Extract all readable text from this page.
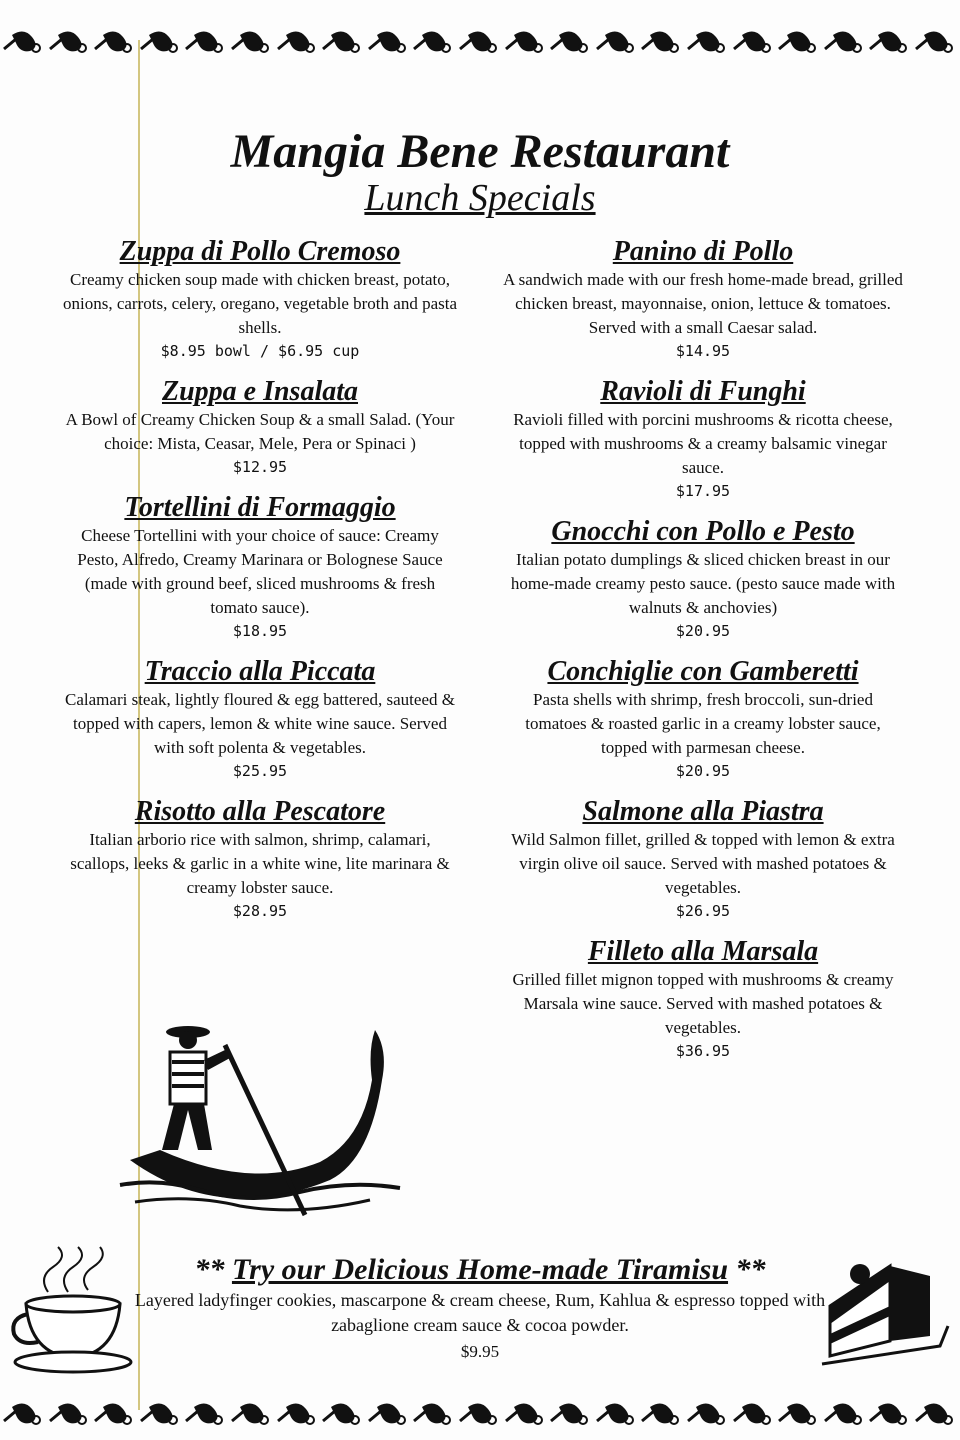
Mangia Bene Restaurant
Lunch Specials
Zuppa di Pollo Cremoso
Creamy chicken soup made with chicken breast, potato, onions, carrots, celery, oregano, vegetable broth and pasta shells.
$8.95 bowl / $6.95 cup
Zuppa e Insalata
A Bowl of Creamy Chicken Soup & a small Salad. (Your choice: Mista, Ceasar, Mele, Pera or Spinaci )
$12.95
Tortellini di Formaggio
Cheese Tortellini with your choice of sauce: Creamy Pesto, Alfredo, Creamy Marinara or Bolognese Sauce (made with ground beef, sliced mushrooms & fresh tomato sauce).
$18.95
Traccio alla Piccata
Calamari steak, lightly floured & egg battered, sauteed & topped with capers, lemon & white wine sauce. Served with soft polenta & vegetables.
$25.95
Risotto alla Pescatore
Italian arborio rice with salmon, shrimp, calamari, scallops, leeks & garlic in a white wine, lite marinara & creamy lobster sauce.
$28.95
Panino di Pollo
A sandwich made with our fresh home-made bread, grilled chicken breast, mayonnaise, onion, lettuce & tomatoes. Served with a small Caesar salad.
$14.95
Ravioli di Funghi
Ravioli filled with porcini mushrooms & ricotta cheese, topped with mushrooms & a creamy balsamic vinegar sauce.
$17.95
Gnocchi con Pollo e Pesto
Italian potato dumplings & sliced chicken breast in our home-made creamy pesto sauce. (pesto sauce made with walnuts & anchovies)
$20.95
Conchiglie con Gamberetti
Pasta shells with shrimp, fresh broccoli, sun-dried tomatoes & roasted garlic in a creamy lobster sauce, topped with parmesan cheese.
$20.95
Salmone alla Piastra
Wild Salmon fillet, grilled & topped with lemon & extra virgin olive oil sauce. Served with mashed potatoes & vegetables.
$26.95
Filleto alla Marsala
Grilled fillet mignon topped with mushrooms & creamy Marsala wine sauce. Served with mashed potatoes & vegetables.
$36.95
** Try our Delicious Home-made Tiramisu **
Layered ladyfinger cookies, mascarpone & cream cheese, Rum, Kahlua & espresso topped with zabaglione cream sauce & cocoa powder.
$9.95
